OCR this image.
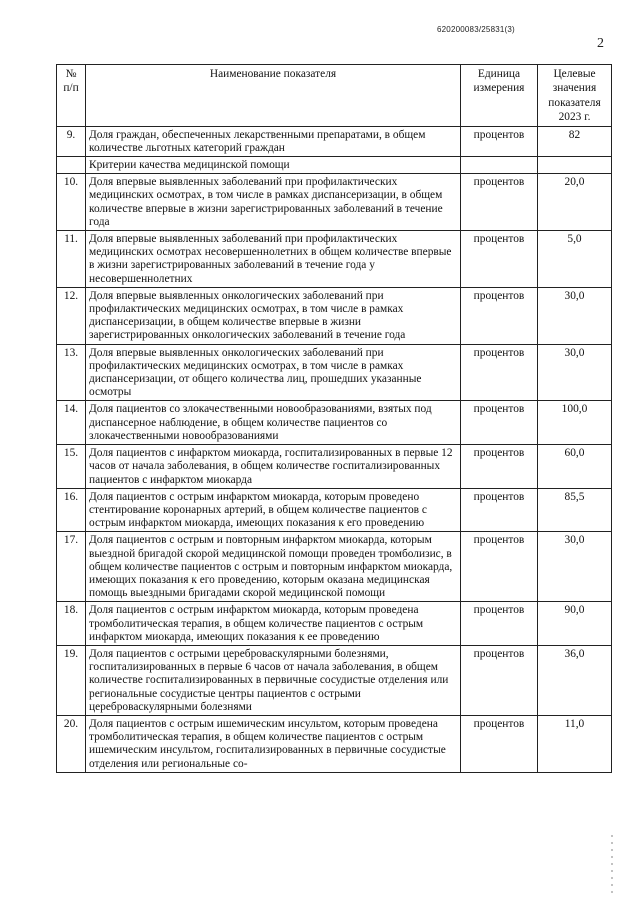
620200083/25831(3)
2
№ п/п	Наименование показателя	Единица измерения	Целевые значения показателя 2023 г.
9.	Доля граждан, обеспеченных лекарственными препаратами, в общем количестве льготных категорий граждан	процентов	82
	Критерии качества медицинской помощи		
10.	Доля впервые выявленных заболеваний при профилактических медицинских осмотрах, в том числе в рамках диспансеризации, в общем количестве впервые в жизни зарегистрированных заболеваний в течение года	процентов	20,0
11.	Доля впервые выявленных заболеваний при профилактических медицинских осмотрах несовершеннолетних в общем количестве впервые в жизни зарегистрированных заболеваний в течение года у несовершеннолетних	процентов	5,0
12.	Доля впервые выявленных онкологических заболеваний при профилактических медицинских осмотрах, в том числе в рамках диспансеризации, в общем количестве впервые в жизни зарегистрированных онкологических заболеваний в течение года	процентов	30,0
13.	Доля впервые выявленных онкологических заболеваний при профилактических медицинских осмотрах, в том числе в рамках диспансеризации, от общего количества лиц, прошедших указанные осмотры	процентов	30,0
14.	Доля пациентов со злокачественными новообразованиями, взятых под диспансерное наблюдение, в общем количестве пациентов со злокачественными новообразованиями	процентов	100,0
15.	Доля пациентов с инфарктом миокарда, госпитализированных в первые 12 часов от начала заболевания, в общем количестве госпитализированных пациентов с инфарктом миокарда	процентов	60,0
16.	Доля пациентов с острым инфарктом миокарда, которым проведено стентирование коронарных артерий, в общем количестве пациентов с острым инфарктом миокарда, имеющих показания к его проведению	процентов	85,5
17.	Доля пациентов с острым и повторным инфарктом миокарда, которым выездной бригадой скорой медицинской помощи проведен тромболизис, в общем количестве пациентов с острым и повторным инфарктом миокарда, имеющих показания к его проведению, которым оказана медицинская помощь выездными бригадами скорой медицинской помощи	процентов	30,0
18.	Доля пациентов с острым инфарктом миокарда, которым проведена тромболитическая терапия, в общем количестве пациентов с острым инфарктом миокарда, имеющих показания к ее проведению	процентов	90,0
19.	Доля пациентов с острыми цереброваскулярными болезнями, госпитализированных в первые 6 часов от начала заболевания, в общем количестве госпитализированных в первичные сосудистые отделения или региональные сосудистые центры пациентов с острыми цереброваскулярными болезнями	процентов	36,0
20.	Доля пациентов с острым ишемическим инсультом, которым проведена тромболитическая терапия, в общем количестве пациентов с острым ишемическим инсультом, госпитализированных в первичные сосудистые отделения или региональные со-	процентов	11,0
